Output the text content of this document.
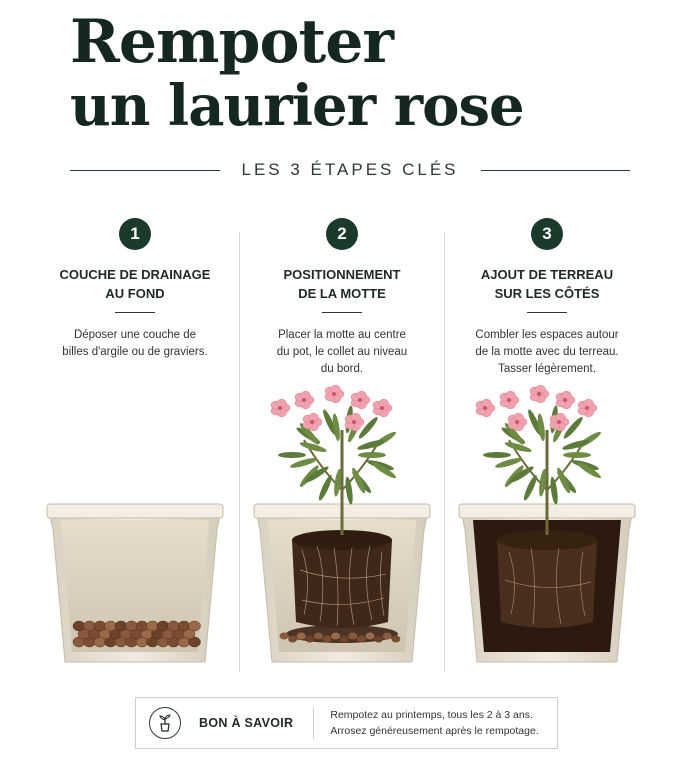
Rempoter
un laurier rose
LES 3 ÉTAPES CLÉS
1
COUCHE DE DRAINAGE
AU FOND
Déposer une couche de
billes d'argile ou de graviers.
2
POSITIONNEMENT
DE LA MOTTE
Placer la motte au centre
du pot, le collet au niveau
du bord.
3
AJOUT DE TERREAU
SUR LES CÔTÉS
Combler les espaces autour
de la motte avec du terreau.
Tasser légèrement.
BON À SAVOIR
Rempotez au printemps, tous les 2 à 3 ans.
Arrosez généreusement après le rempotage.
